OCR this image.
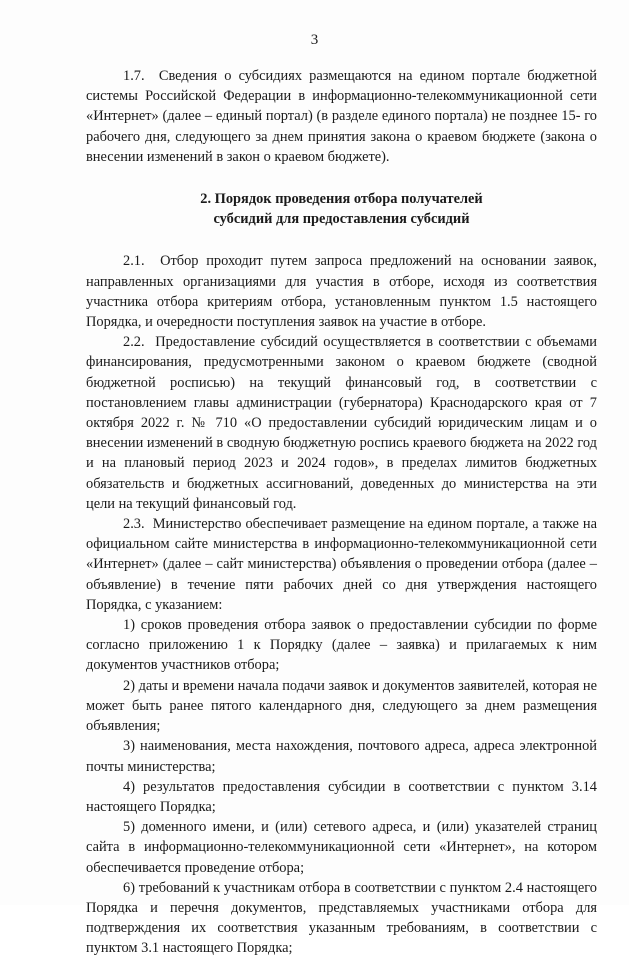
3

1.7.  Сведения о субсидиях размещаются на едином портале бюджетной системы Российской Федерации в информационно-телекоммуникационной сети «Интернет» (далее – единый портал) (в разделе единого портала) не позднее 15- го рабочего дня, следующего за днем принятия закона о краевом бюджете (закона о внесении изменений в закон о краевом бюджете).

2. Порядок проведения отбора получателей
субсидий для предоставления субсидий

2.1.  Отбор проходит путем запроса предложений на основании заявок, направленных организациями для участия в отборе, исходя из соответствия участника отбора критериям отбора, установленным пунктом 1.5 настоящего Порядка, и очередности поступления заявок на участие в отборе.

2.2.  Предоставление субсидий осуществляется в соответствии с объемами финансирования, предусмотренными законом о краевом бюджете (сводной бюджетной росписью) на текущий финансовый год, в соответствии с постановлением главы администрации (губернатора) Краснодарского края от 7 октября 2022 г. № 710 «О предоставлении субсидий юридическим лицам и о внесении изменений в сводную бюджетную роспись краевого бюджета на 2022 год и на плановый период 2023 и 2024 годов», в пределах лимитов бюджетных обязательств и бюджетных ассигнований, доведенных до министерства на эти цели на текущий финансовый год.

2.3.  Министерство обеспечивает размещение на едином портале, а также на официальном сайте министерства в информационно-телекоммуникационной сети «Интернет» (далее – сайт министерства) объявления о проведении отбора (далее – объявление) в течение пяти рабочих дней со дня утверждения настоящего Порядка, с указанием:

1) сроков проведения отбора заявок о предоставлении субсидии по форме согласно приложению 1 к Порядку (далее – заявка) и прилагаемых к ним документов участников отбора;

2) даты и времени начала подачи заявок и документов заявителей, которая не может быть ранее пятого календарного дня, следующего за днем размещения объявления;

3) наименования, места нахождения, почтового адреса, адреса электронной почты министерства;

4) результатов предоставления субсидии в соответствии с пунктом 3.14 настоящего Порядка;

5) доменного имени, и (или) сетевого адреса, и (или) указателей страниц сайта в информационно-телекоммуникационной сети «Интернет», на котором обеспечивается проведение отбора;

6) требований к участникам отбора в соответствии с пунктом 2.4 настоящего Порядка и перечня документов, представляемых участниками отбора для подтверждения их соответствия указанным требованиям, в соответствии с пунктом 3.1 настоящего Порядка;
